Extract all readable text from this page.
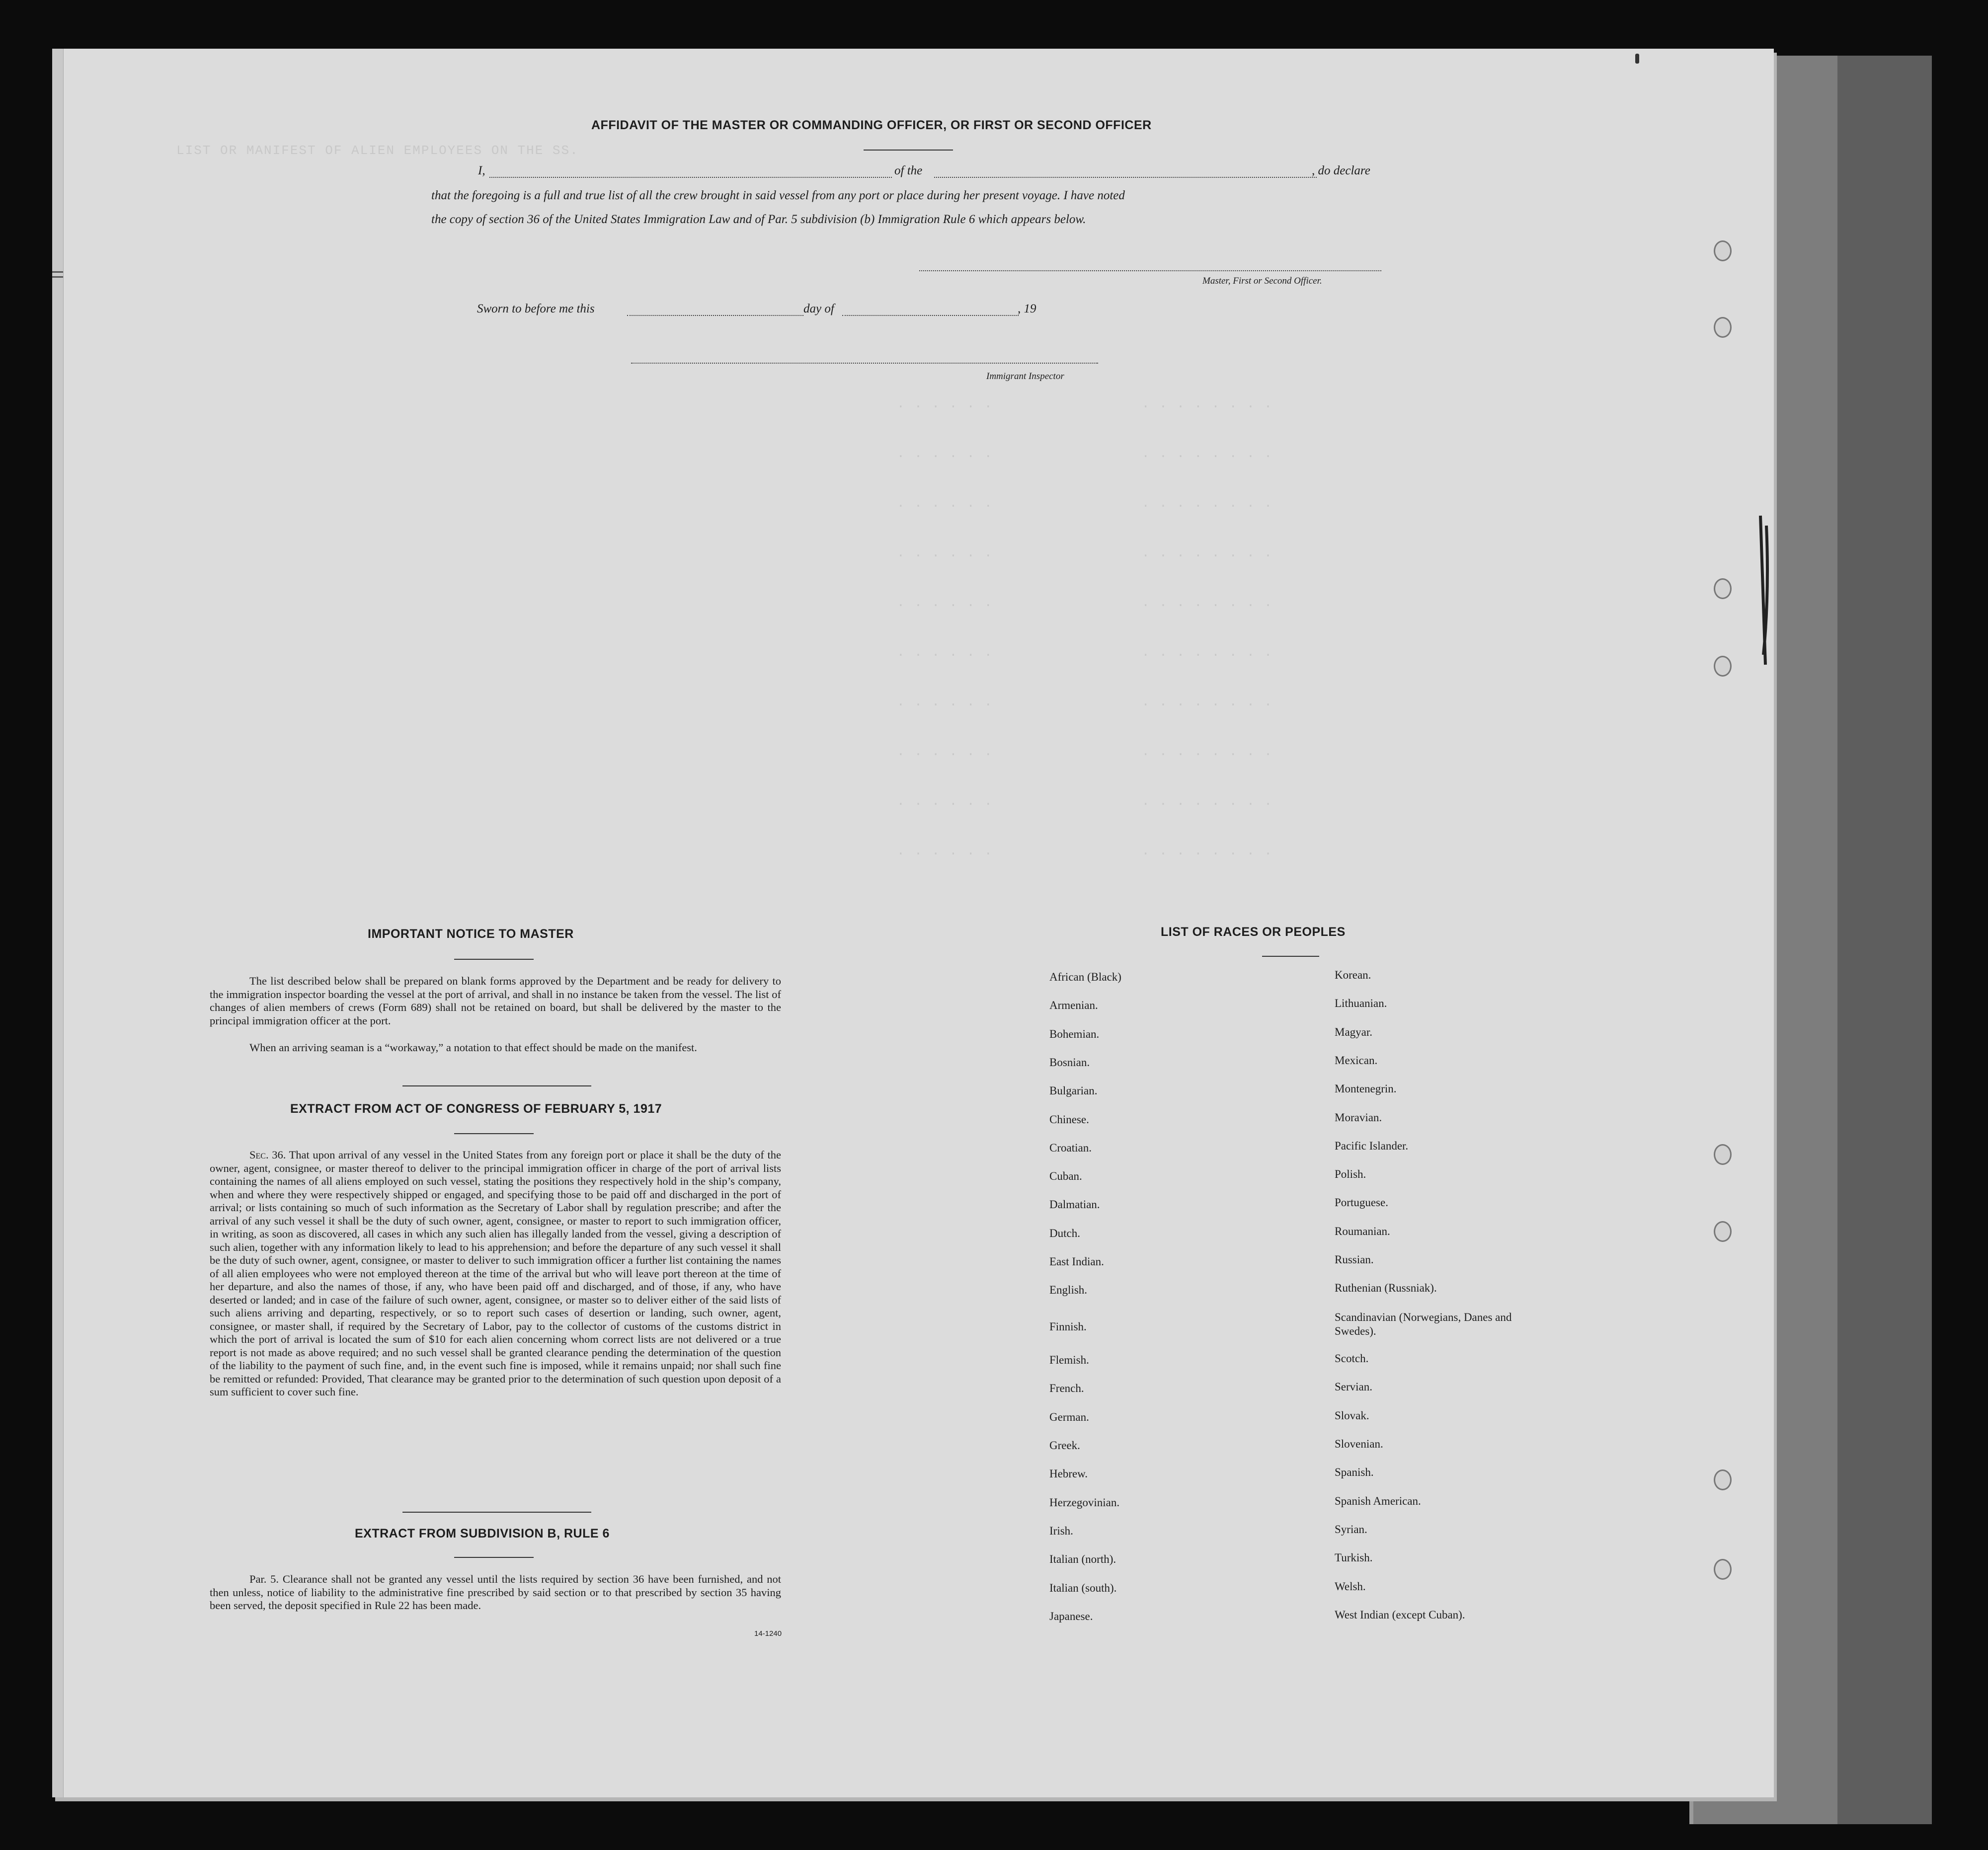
LIST OR MANIFEST OF ALIEN EMPLOYEES ON THE SS.
. . . . . .                 . . . . . . . .
. . . . . .                 . . . . . . . .
. . . . . .                 . . . . . . . .
. . . . . .                 . . . . . . . .
. . . . . .                 . . . . . . . .
. . . . . .                 . . . . . . . .
. . . . . .                 . . . . . . . .
. . . . . .                 . . . . . . . .
. . . . . .                 . . . . . . . .
. . . . . .                 . . . . . . . .
AFFIDAVIT OF THE MASTER OR COMMANDING OFFICER, OR FIRST OR SECOND OFFICER
I,	of the	, do declare
that the foregoing is a full and true list of all the crew brought in said vessel from any port or place during her present voyage. I have noted
the copy of section 36 of the United States Immigration Law and of Par. 5 subdivision (b) Immigration Rule 6 which appears below.
Master, First or Second Officer.
Sworn to before me this	day of	, 19
Immigrant Inspector
IMPORTANT NOTICE TO MASTER
The list described below shall be prepared on blank forms approved by the Department and be ready for delivery to the immigration inspector boarding the vessel at the port of arrival, and shall in no instance be taken from the vessel. The list of changes of alien members of crews (Form 689) shall not be retained on board, but shall be delivered by the master to the principal immigration officer at the port.
When an arriving seaman is a “workaway,” a notation to that effect should be made on the manifest.
EXTRACT FROM ACT OF CONGRESS OF FEBRUARY 5, 1917
Sec. 36. That upon arrival of any vessel in the United States from any foreign port or place it shall be the duty of the owner, agent, consignee, or master thereof to deliver to the principal immigration officer in charge of the port of arrival lists containing the names of all aliens employed on such vessel, stating the positions they respectively hold in the ship’s company, when and where they were respectively shipped or engaged, and specifying those to be paid off and discharged in the port of arrival; or lists containing so much of such information as the Secretary of Labor shall by regulation prescribe; and after the arrival of any such vessel it shall be the duty of such owner, agent, consignee, or master to report to such immigration officer, in writing, as soon as discovered, all cases in which any such alien has illegally landed from the vessel, giving a description of such alien, together with any information likely to lead to his apprehension; and before the departure of any such vessel it shall be the duty of such owner, agent, consignee, or master to deliver to such immigration officer a further list containing the names of all alien employees who were not employed thereon at the time of the arrival but who will leave port thereon at the time of her departure, and also the names of those, if any, who have been paid off and discharged, and of those, if any, who have deserted or landed; and in case of the failure of such owner, agent, consignee, or master so to deliver either of the said lists of such aliens arriving and departing, respectively, or so to report such cases of desertion or landing, such owner, agent, consignee, or master shall, if required by the Secretary of Labor, pay to the collector of customs of the customs district in which the port of arrival is located the sum of $10 for each alien concerning whom correct lists are not delivered or a true report is not made as above required; and no such vessel shall be granted clearance pending the determination of the question of the liability to the payment of such fine, and, in the event such fine is imposed, while it remains unpaid; nor shall such fine be remitted or refunded: Provided, That clearance may be granted prior to the determination of such question upon deposit of a sum sufficient to cover such fine.
EXTRACT FROM SUBDIVISION B, RULE 6
Par. 5. Clearance shall not be granted any vessel until the lists required by section 36 have been furnished, and not then unless, notice of liability to the administrative fine prescribed by said section or to that prescribed by section 35 having been served, the deposit specified in Rule 22 has been made.
14-1240
LIST OF RACES OR PEOPLES
African (Black)
Armenian.
Bohemian.
Bosnian.
Bulgarian.
Chinese.
Croatian.
Cuban.
Dalmatian.
Dutch.
East Indian.
English.
Finnish.
Flemish.
French.
German.
Greek.
Hebrew.
Herzegovinian.
Irish.
Italian (north).
Italian (south).
Japanese.
Korean.
Lithuanian.
Magyar.
Mexican.
Montenegrin.
Moravian.
Pacific Islander.
Polish.
Portuguese.
Roumanian.
Russian.
Ruthenian (Russniak).
Scandinavian (Norwegians, Danes and Swedes).
Scotch.
Servian.
Slovak.
Slovenian.
Spanish.
Spanish American.
Syrian.
Turkish.
Welsh.
West Indian (except Cuban).
